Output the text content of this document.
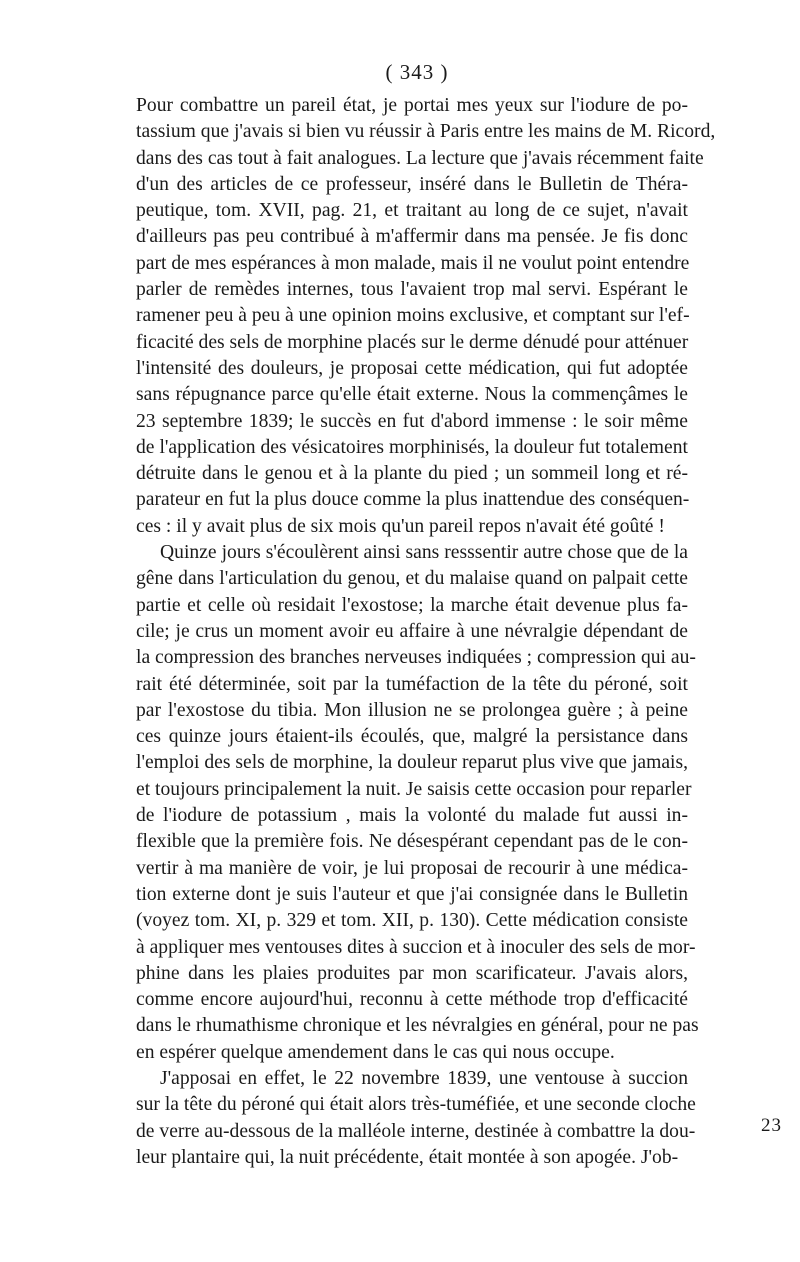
( 343 )

Pour combattre un pareil état, je portai mes yeux sur l'iodure de po-
tassium que j'avais si bien vu réussir à Paris entre les mains de M. Ricord,
dans des cas tout à fait analogues. La lecture que j'avais récemment faite
d'un des articles de ce professeur, inséré dans le Bulletin de Théra-
peutique, tom. XVII, pag. 21, et traitant au long de ce sujet, n'avait
d'ailleurs pas peu contribué à m'affermir dans ma pensée. Je fis donc
part de mes espérances à mon malade, mais il ne voulut point entendre
parler de remèdes internes, tous l'avaient trop mal servi. Espérant le
ramener peu à peu à une opinion moins exclusive, et comptant sur l'ef-
ficacité des sels de morphine placés sur le derme dénudé pour atténuer
l'intensité des douleurs, je proposai cette médication, qui fut adoptée
sans répugnance parce qu'elle était externe. Nous la commençâmes le
23 septembre 1839; le succès en fut d'abord immense : le soir même
de l'application des vésicatoires morphinisés, la douleur fut totalement
détruite dans le genou et à la plante du pied ; un sommeil long et ré-
parateur en fut la plus douce comme la plus inattendue des conséquen-
ces : il y avait plus de six mois qu'un pareil repos n'avait été goûté !

Quinze jours s'écoulèrent ainsi sans resssentir autre chose que de la
gêne dans l'articulation du genou, et du malaise quand on palpait cette
partie et celle où residait l'exostose; la marche était devenue plus fa-
cile; je crus un moment avoir eu affaire à une névralgie dépendant de
la compression des branches nerveuses indiquées ; compression qui au-
rait été déterminée, soit par la tuméfaction de la tête du péroné, soit
par l'exostose du tibia. Mon illusion ne se prolongea guère ; à peine
ces quinze jours étaient-ils écoulés, que, malgré la persistance dans
l'emploi des sels de morphine, la douleur reparut plus vive que jamais,
et toujours principalement la nuit. Je saisis cette occasion pour reparler
de l'iodure de potassium , mais la volonté du malade fut aussi in-
flexible que la première fois. Ne désespérant cependant pas de le con-
vertir à ma manière de voir, je lui proposai de recourir à une médica-
tion externe dont je suis l'auteur et que j'ai consignée dans le Bulletin
(voyez tom. XI, p. 329 et tom. XII, p. 130). Cette médication consiste
à appliquer mes ventouses dites à succion et à inoculer des sels de mor-
phine dans les plaies produites par mon scarificateur. J'avais alors,
comme encore aujourd'hui, reconnu à cette méthode trop d'efficacité
dans le rhumathisme chronique et les névralgies en général, pour ne pas
en espérer quelque amendement dans le cas qui nous occupe.

J'apposai en effet, le 22 novembre 1839, une ventouse à succion
sur la tête du péroné qui était alors très-tuméfiée, et une seconde cloche
de verre au-dessous de la malléole interne, destinée à combattre la dou-
leur plantaire qui, la nuit précédente, était montée à son apogée. J'ob-

23
